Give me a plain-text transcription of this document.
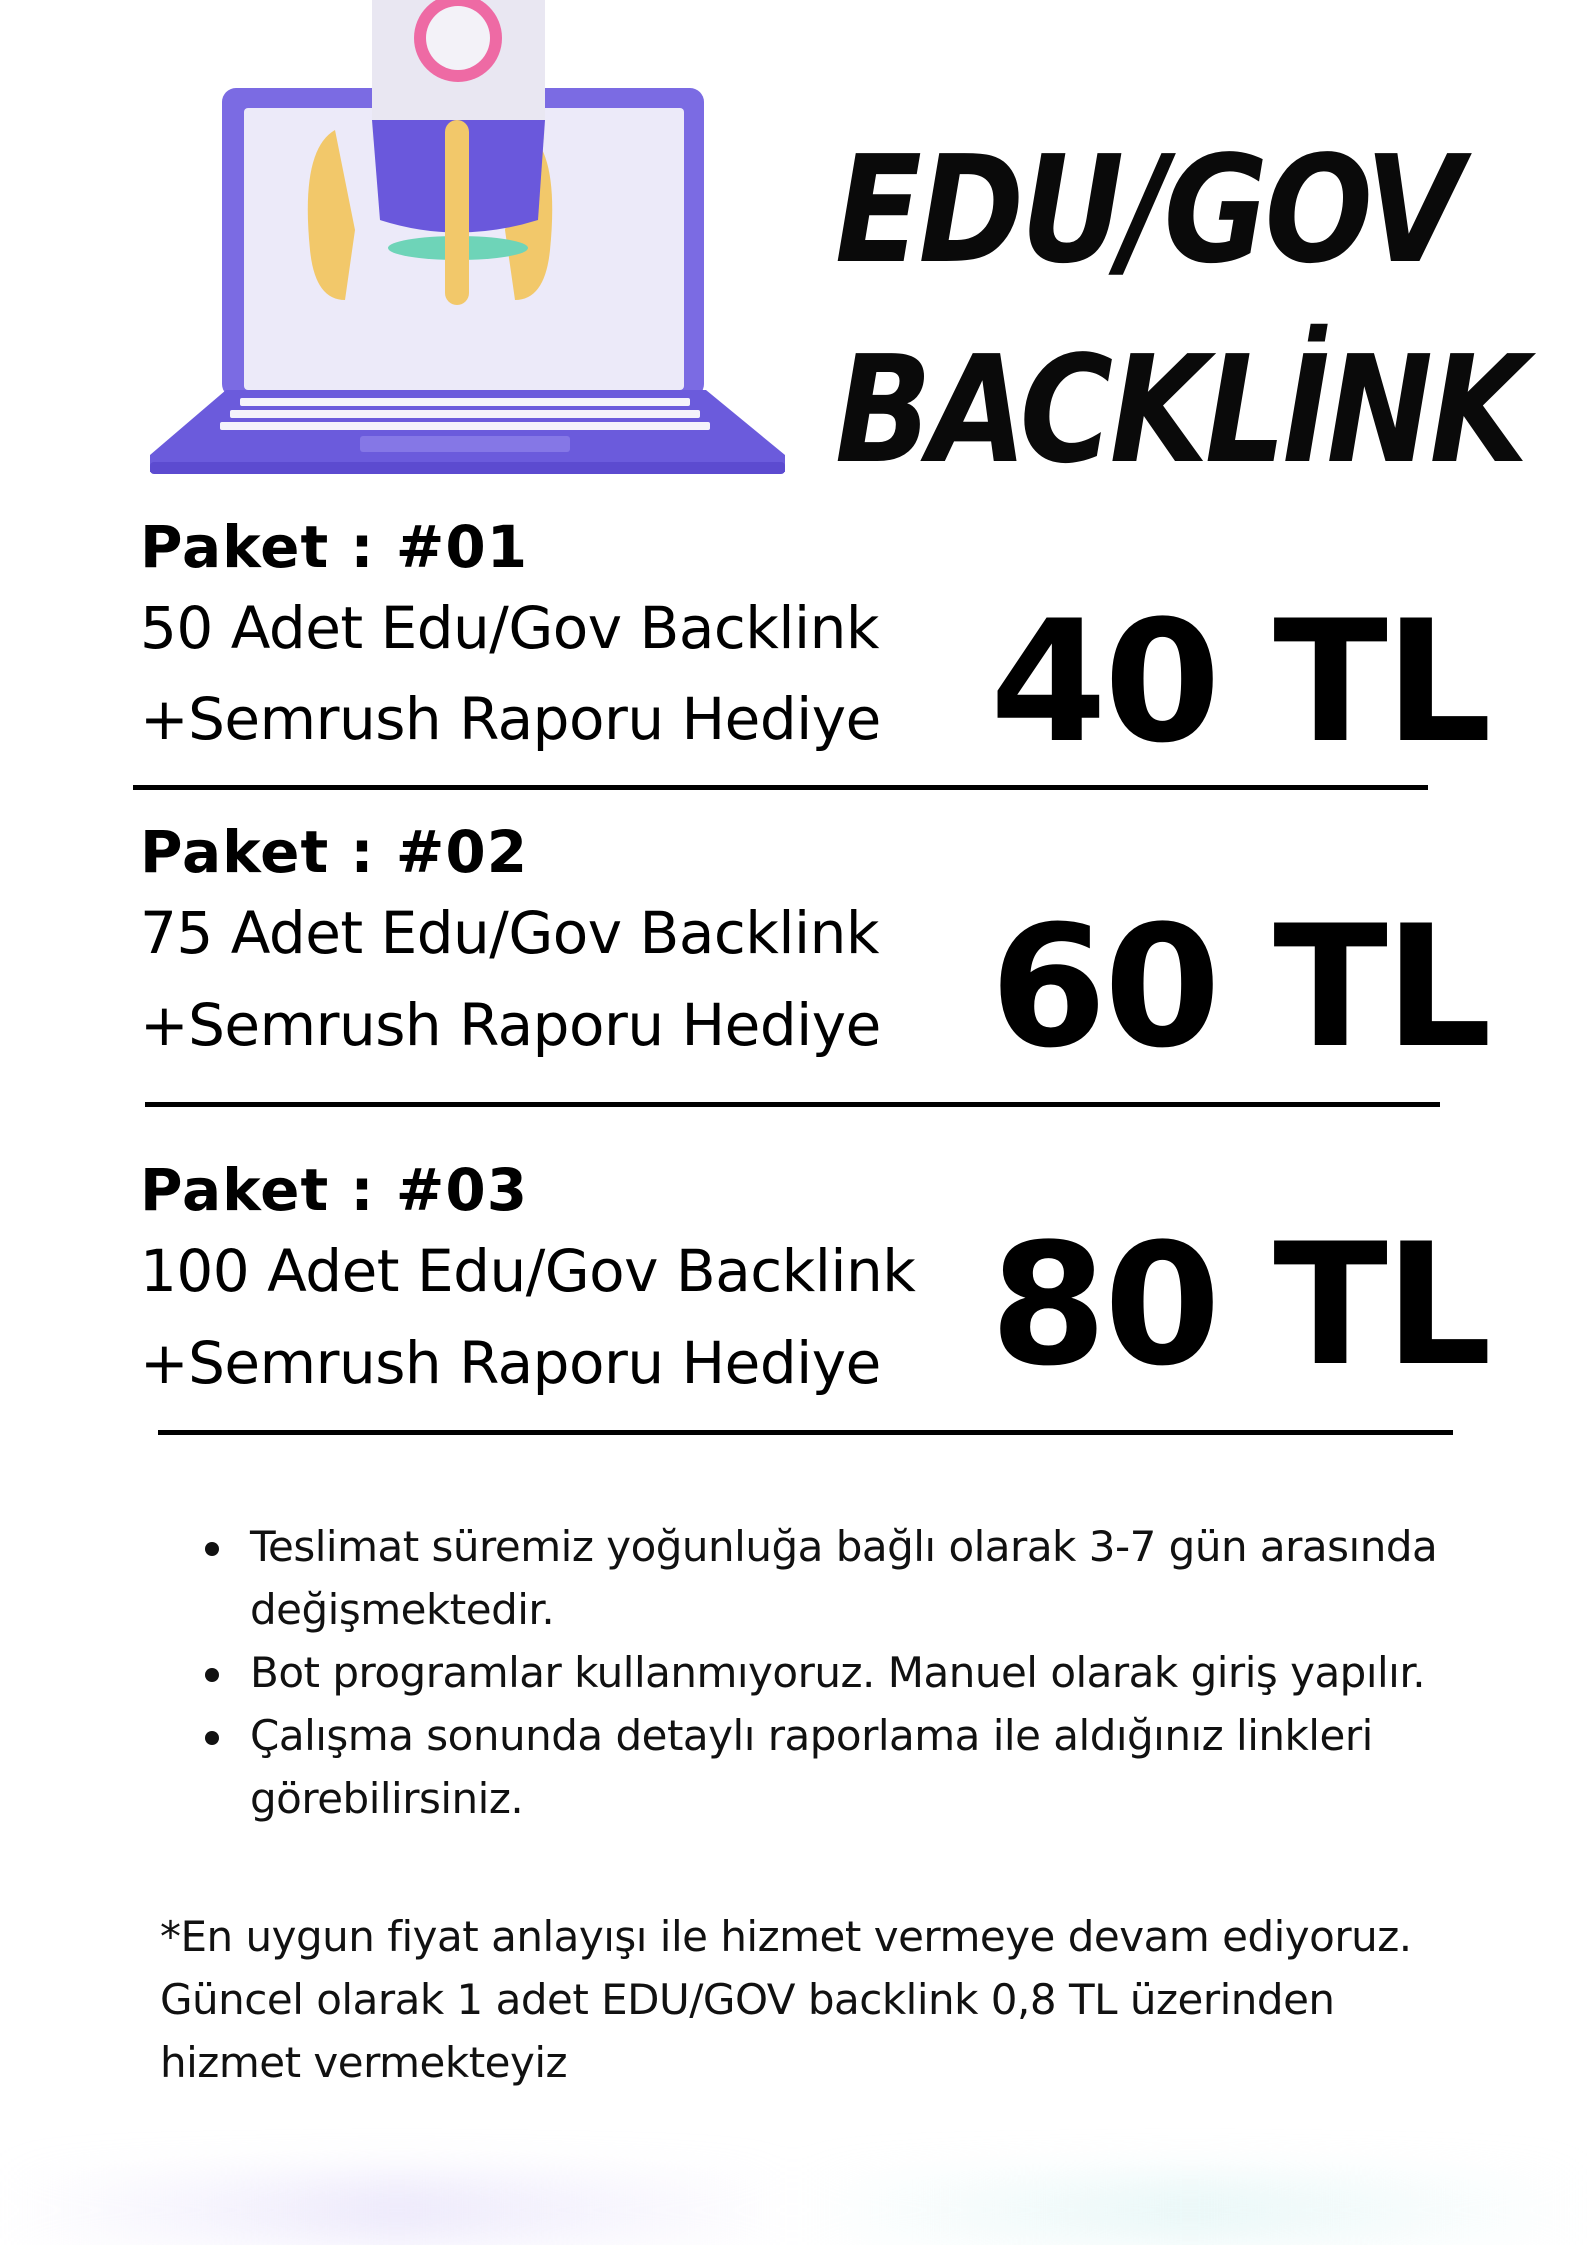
EDU/GOV
BACKLİNK
Paket : #01
50 Adet Edu/Gov Backlink
+Semrush Raporu Hediye 40 TL
Paket : #02
75 Adet Edu/Gov Backlink
+Semrush Raporu Hediye 60 TL
Paket : #03
100 Adet Edu/Gov Backlink
+Semrush Raporu Hediye 80 TL
Teslimat süremiz yoğunluğa bağlı olarak 3-7 gün arasında
değişmektedir.
Bot programlar kullanmıyoruz. Manuel olarak giriş yapılır.
Çalışma sonunda detaylı raporlama ile aldığınız linkleri
görebilirsiniz.
*En uygun fiyat anlayışı ile hizmet vermeye devam ediyoruz.
Güncel olarak 1 adet EDU/GOV backlink 0,8 TL üzerinden
hizmet vermekteyiz
